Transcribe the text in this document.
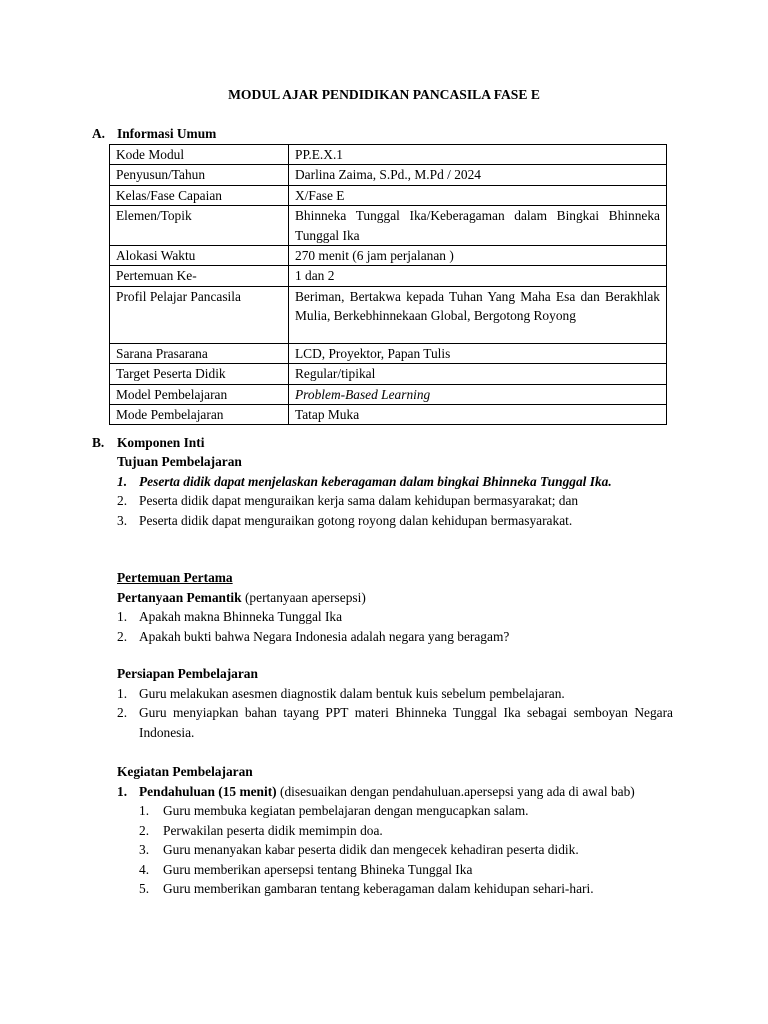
MODUL AJAR PENDIDIKAN PANCASILA FASE E
A. Informasi Umum
Kode Modul	PP.E.X.1
Penyusun/Tahun	Darlina Zaima, S.Pd., M.Pd / 2024
Kelas/Fase Capaian	X/Fase E
Elemen/Topik	Bhinneka Tunggal Ika/Keberagaman dalam Bingkai Bhinneka Tunggal Ika
Alokasi Waktu	270 menit (6 jam perjalanan )
Pertemuan Ke-	1 dan 2
Profil Pelajar Pancasila	Beriman, Bertakwa kepada Tuhan Yang Maha Esa dan Berakhlak Mulia, Berkebhinnekaan Global, Bergotong Royong
Sarana Prasarana	LCD, Proyektor, Papan Tulis
Target Peserta Didik	Regular/tipikal
Model Pembelajaran	Problem-Based Learning
Mode Pembelajaran	Tatap Muka
B. Komponen Inti
Tujuan Pembelajaran
1. Peserta didik dapat menjelaskan keberagaman dalam bingkai Bhinneka Tunggal Ika.
2. Peserta didik dapat menguraikan kerja sama dalam kehidupan bermasyarakat; dan
3. Peserta didik dapat menguraikan gotong royong dalan kehidupan bermasyarakat.
Pertemuan Pertama
Pertanyaan Pemantik (pertanyaan apersepsi)
1. Apakah makna Bhinneka Tunggal Ika
2. Apakah bukti bahwa Negara Indonesia adalah negara yang beragam?
Persiapan Pembelajaran
1. Guru melakukan asesmen diagnostik dalam bentuk kuis sebelum pembelajaran.
2. Guru menyiapkan bahan tayang PPT materi Bhinneka Tunggal Ika sebagai semboyan Negara Indonesia.
Kegiatan Pembelajaran
1. Pendahuluan (15 menit) (disesuaikan dengan pendahuluan.apersepsi yang ada di awal bab)
1. Guru membuka kegiatan pembelajaran dengan mengucapkan salam.
2. Perwakilan peserta didik memimpin doa.
3. Guru menanyakan kabar peserta didik dan mengecek kehadiran peserta didik.
4. Guru memberikan apersepsi tentang Bhineka Tunggal Ika
5. Guru memberikan gambaran tentang keberagaman dalam kehidupan sehari-hari.
